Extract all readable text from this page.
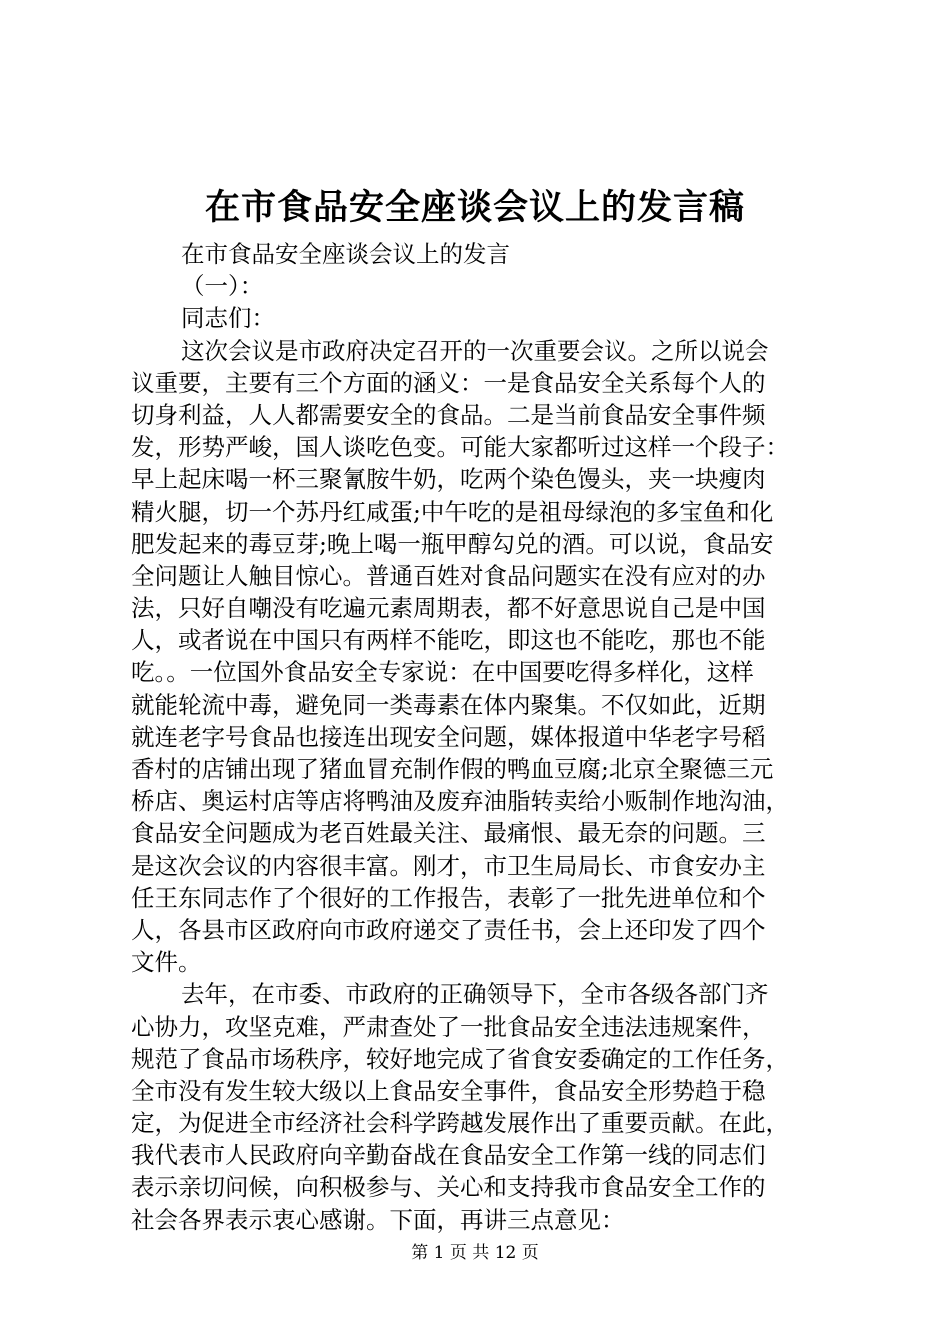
在市食品安全座谈会议上的发言稿
在市食品安全座谈会议上的发言
（一）：
同志们：
这次会议是市政府决定召开的一次重要会议。之所以说会
议重要，主要有三个方面的涵义：一是食品安全关系每个人的
切身利益，人人都需要安全的食品。二是当前食品安全事件频
发，形势严峻，国人谈吃色变。可能大家都听过这样一个段子：
早上起床喝一杯三聚氰胺牛奶，吃两个染色馒头，夹一块瘦肉
精火腿，切一个苏丹红咸蛋;中午吃的是祖母绿泡的多宝鱼和化
肥发起来的毒豆芽;晚上喝一瓶甲醇勾兑的酒。可以说，食品安
全问题让人触目惊心。普通百姓对食品问题实在没有应对的办
法，只好自嘲没有吃遍元素周期表，都不好意思说自己是中国
人，或者说在中国只有两样不能吃，即这也不能吃，那也不能
吃。。一位国外食品安全专家说：在中国要吃得多样化，这样
就能轮流中毒，避免同一类毒素在体内聚集。不仅如此，近期
就连老字号食品也接连出现安全问题，媒体报道中华老字号稻
香村的店铺出现了猪血冒充制作假的鸭血豆腐;北京全聚德三元
桥店、奥运村店等店将鸭油及废弃油脂转卖给小贩制作地沟油，
食品安全问题成为老百姓最关注、最痛恨、最无奈的问题。三
是这次会议的内容很丰富。刚才，市卫生局局长、市食安办主
任王东同志作了个很好的工作报告，表彰了一批先进单位和个
人，各县市区政府向市政府递交了责任书，会上还印发了四个
文件。
去年，在市委、市政府的正确领导下，全市各级各部门齐
心协力，攻坚克难，严肃查处了一批食品安全违法违规案件，
规范了食品市场秩序，较好地完成了省食安委确定的工作任务，
全市没有发生较大级以上食品安全事件，食品安全形势趋于稳
定，为促进全市经济社会科学跨越发展作出了重要贡献。在此，
我代表市人民政府向辛勤奋战在食品安全工作第一线的同志们
表示亲切问候，向积极参与、关心和支持我市食品安全工作的
社会各界表示衷心感谢。下面，再讲三点意见：
第 1 页 共 12 页
